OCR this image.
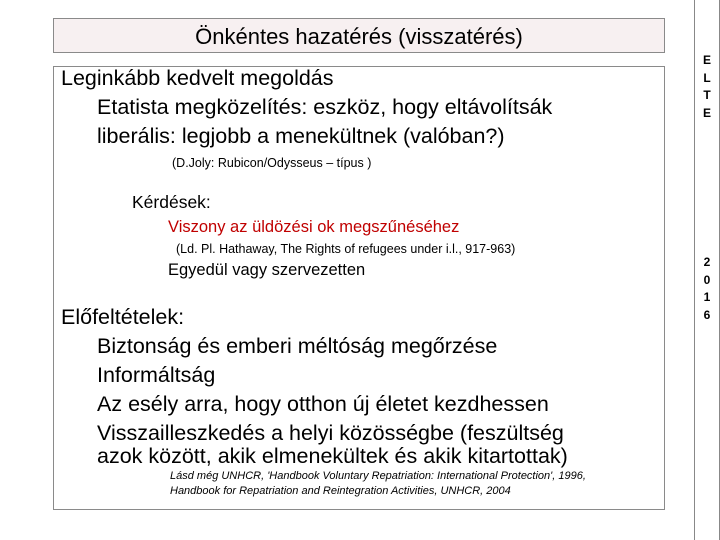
Önkéntes hazatérés (visszatérés)
E
L
T
E
2
0
1
6
Leginkább kedvelt megoldás
Etatista megközelítés: eszköz, hogy eltávolítsák
liberális: legjobb a menekültnek (valóban?)
(D.Joly: Rubicon/Odysseus – típus )
Kérdések:
Viszony az üldözési ok megszűnéséhez
(Ld. Pl. Hathaway, The Rights of refugees under i.l., 917-963)
Egyedül vagy szervezetten
Előfeltételek:
Biztonság és emberi méltóság megőrzése
Informáltság
Az esély arra, hogy otthon új életet kezdhessen
Visszailleszkedés a helyi közösségbe (feszültség
azok között, akik elmenekültek és akik kitartottak)
Lásd még UNHCR, 'Handbook Voluntary Repatriation: International Protection', 1996,
Handbook for Repatriation and Reintegration Activities, UNHCR, 2004
